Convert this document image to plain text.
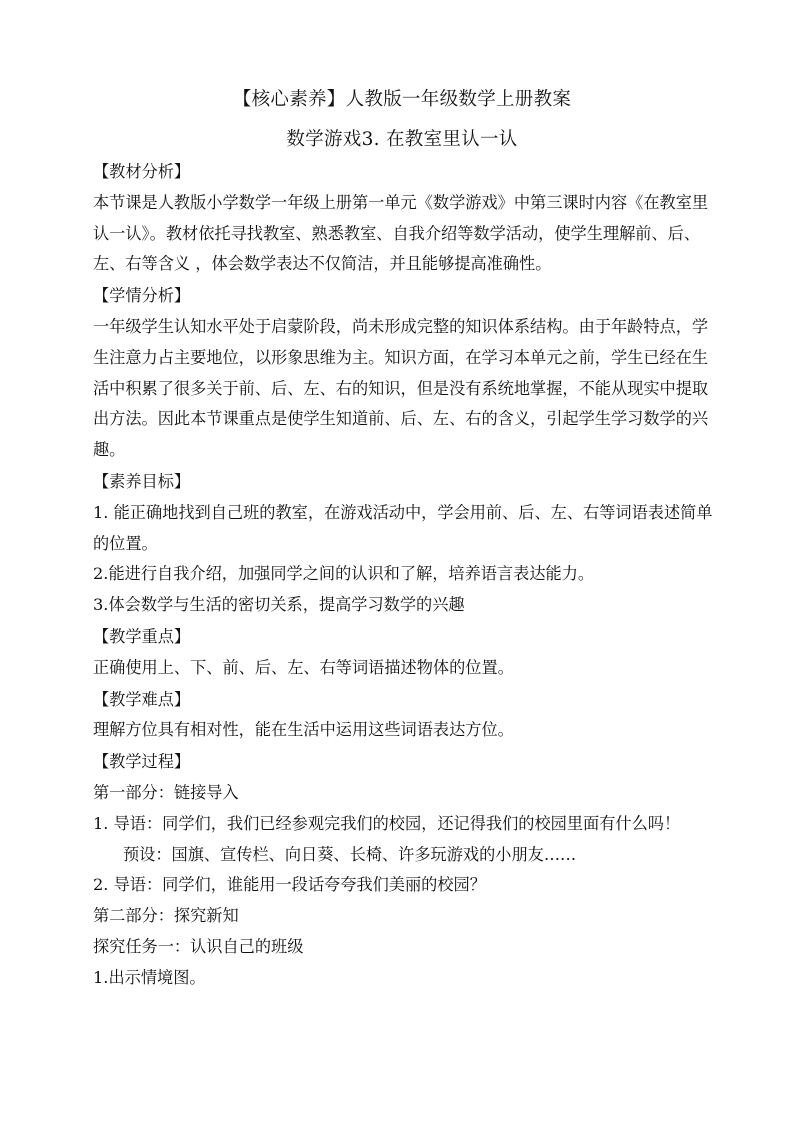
【核心素养】人教版一年级数学上册教案

数学游戏3. 在教室里认一认

【教材分析】

本节课是人教版小学数学一年级上册第一单元《数学游戏》中第三课时内容《在教室里

认一认》。教材依托寻找教室、熟悉教室、自我介绍等数学活动，使学生理解前、后、

左、右等含义 ，体会数学表达不仅简洁，并且能够提高准确性。

【学情分析】

一年级学生认知水平处于启蒙阶段，尚未形成完整的知识体系结构。由于年龄特点，学

生注意力占主要地位，以形象思维为主。知识方面，在学习本单元之前，学生已经在生

活中积累了很多关于前、后、左、右的知识，但是没有系统地掌握，不能从现实中提取

出方法。因此本节课重点是使学生知道前、后、左、右的含义，引起学生学习数学的兴

趣。

【素养目标】

1. 能正确地找到自己班的教室，在游戏活动中，学会用前、后、左、右等词语表述简单

的位置。

2.能进行自我介绍，加强同学之间的认识和了解，培养语言表达能力。

3.体会数学与生活的密切关系，提高学习数学的兴趣

【教学重点】

正确使用上、下、前、后、左、右等词语描述物体的位置。

【教学难点】

理解方位具有相对性，能在生活中运用这些词语表达方位。

【教学过程】

第一部分：链接导入

1. 导语：同学们，我们已经参观完我们的校园，还记得我们的校园里面有什么吗！

预设：国旗、宣传栏、向日葵、长椅、许多玩游戏的小朋友……

2. 导语：同学们，谁能用一段话夸夸我们美丽的校园？

第二部分：探究新知

探究任务一：认识自己的班级

1.出示情境图。
